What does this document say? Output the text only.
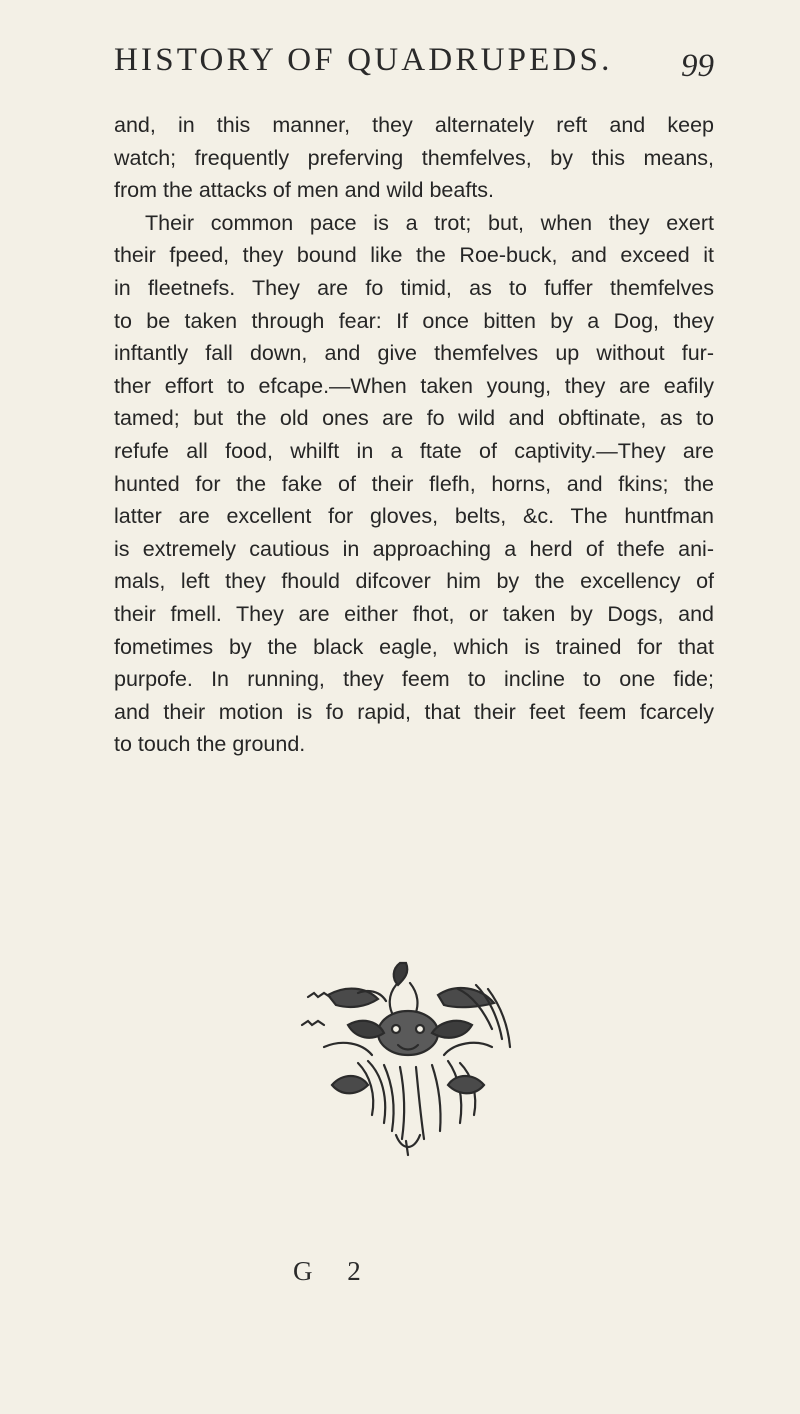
HISTORY OF QUADRUPEDS. 99
and, in this manner, they alternately reft and keep
watch; frequently preferving themfelves, by this means,
from the attacks of men and wild beafts.
Their common pace is a trot; but, when they exert
their fpeed, they bound like the Roe-buck, and exceed it
in fleetnefs. They are fo timid, as to fuffer themfelves
to be taken through fear: If once bitten by a Dog, they
inftantly fall down, and give themfelves up without fur-
ther effort to efcape.—When taken young, they are eafily
tamed; but the old ones are fo wild and obftinate, as to
refufe all food, whilft in a ftate of captivity.—They are
hunted for the fake of their flefh, horns, and fkins; the
latter are excellent for gloves, belts, &c. The huntfman
is extremely cautious in approaching a herd of thefe ani-
mals, left they fhould difcover him by the excellency of
their fmell. They are either fhot, or taken by Dogs, and
fometimes by the black eagle, which is trained for that
purpofe. In running, they feem to incline to one fide;
and their motion is fo rapid, that their feet feem fcarcely
to touch the ground.
G 2
